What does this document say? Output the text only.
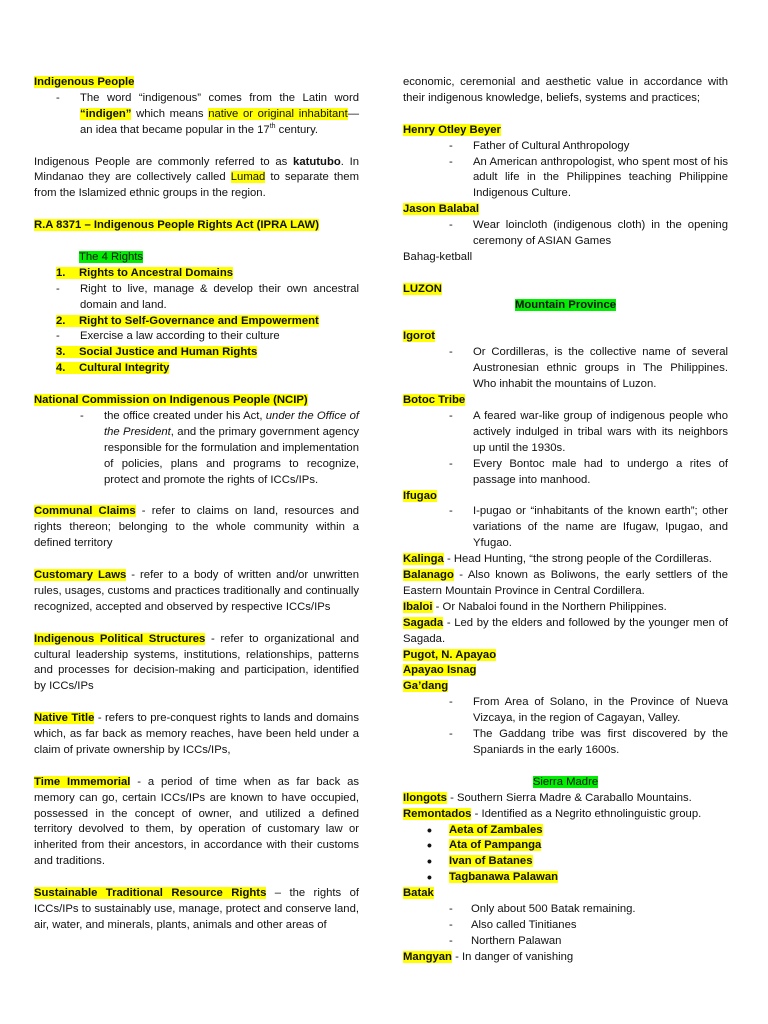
Indigenous People

- The word “indigenous” comes from the Latin word “indigen” which means native or original inhabitant—an idea that became popular in the 17th century.

Indigenous People are commonly referred to as katutubo. In Mindanao they are collectively called Lumad to separate them from the Islamized ethnic groups in the region.

R.A 8371 – Indigenous People Rights Act (IPRA LAW)

The 4 Rights

1. Rights to Ancestral Domains

- Right to live, manage & develop their own ancestral domain and land.

2. Right to Self-Governance and Empowerment

- Exercise a law according to their culture

3. Social Justice and Human Rights

4. Cultural Integrity

National Commission on Indigenous People (NCIP)

- the office created under his Act, under the Office of the President, and the primary government agency responsible for the formulation and implementation of policies, plans and programs to recognize, protect and promote the rights of ICCs/IPs.

Communal Claims - refer to claims on land, resources and rights thereon; belonging to the whole community within a defined territory

Customary Laws - refer to a body of written and/or unwritten rules, usages, customs and practices traditionally and continually recognized, accepted and observed by respective ICCs/IPs

Indigenous Political Structures - refer to organizational and cultural leadership systems, institutions, relationships, patterns and processes for decision-making and participation, identified by ICCs/IPs

Native Title - refers to pre-conquest rights to lands and domains which, as far back as memory reaches, have been held under a claim of private ownership by ICCs/IPs,

Time Immemorial - a period of time when as far back as memory can go, certain ICCs/IPs are known to have occupied, possessed in the concept of owner, and utilized a defined territory devolved to them, by operation of customary law or inherited from their ancestors, in accordance with their customs and traditions.

Sustainable Traditional Resource Rights – the rights of ICCs/IPs to sustainably use, manage, protect and conserve land, air, water, and minerals, plants, animals and other areas of

economic, ceremonial and aesthetic value in accordance with their indigenous knowledge, beliefs, systems and practices;

Henry Otley Beyer

- Father of Cultural Anthropology

- An American anthropologist, who spent most of his adult life in the Philippines teaching Philippine Indigenous Culture.

Jason Balabal

- Wear loincloth (indigenous cloth) in the opening ceremony of ASIAN Games

Bahag-ketball

LUZON

Mountain Province

Igorot

- Or Cordilleras, is the collective name of several Austronesian ethnic groups in The Philippines. Who inhabit the mountains of Luzon.

Botoc Tribe

- A feared war-like group of indigenous people who actively indulged in tribal wars with its neighbors up until the 1930s.

- Every Bontoc male had to undergo a rites of passage into manhood.

Ifugao

- I-pugao or “inhabitants of the known earth”; other variations of the name are Ifugaw, Ipugao, and Yfugao.

Kalinga - Head Hunting, “the strong people of the Cordilleras.

Balanago - Also known as Boliwons, the early settlers of the Eastern Mountain Province in Central Cordillera.

Ibaloi - Or Nabaloi found in the Northern Philippines.

Sagada - Led by the elders and followed by the younger men of Sagada.

Pugot, N. Apayao

Apayao Isnag

Ga’dang

- From Area of Solano, in the Province of Nueva Vizcaya, in the region of Cagayan, Valley.

- The Gaddang tribe was first discovered by the Spaniards in the early 1600s.

Sierra Madre

Ilongots - Southern Sierra Madre & Caraballo Mountains.

Remontados - Identified as a Negrito ethnolinguistic group.

• Aeta of Zambales

• Ata of Pampanga

• Ivan of Batanes

• Tagbanawa Palawan

Batak

- Only about 500 Batak remaining.

- Also called Tinitianes

- Northern Palawan

Mangyan - In danger of vanishing
